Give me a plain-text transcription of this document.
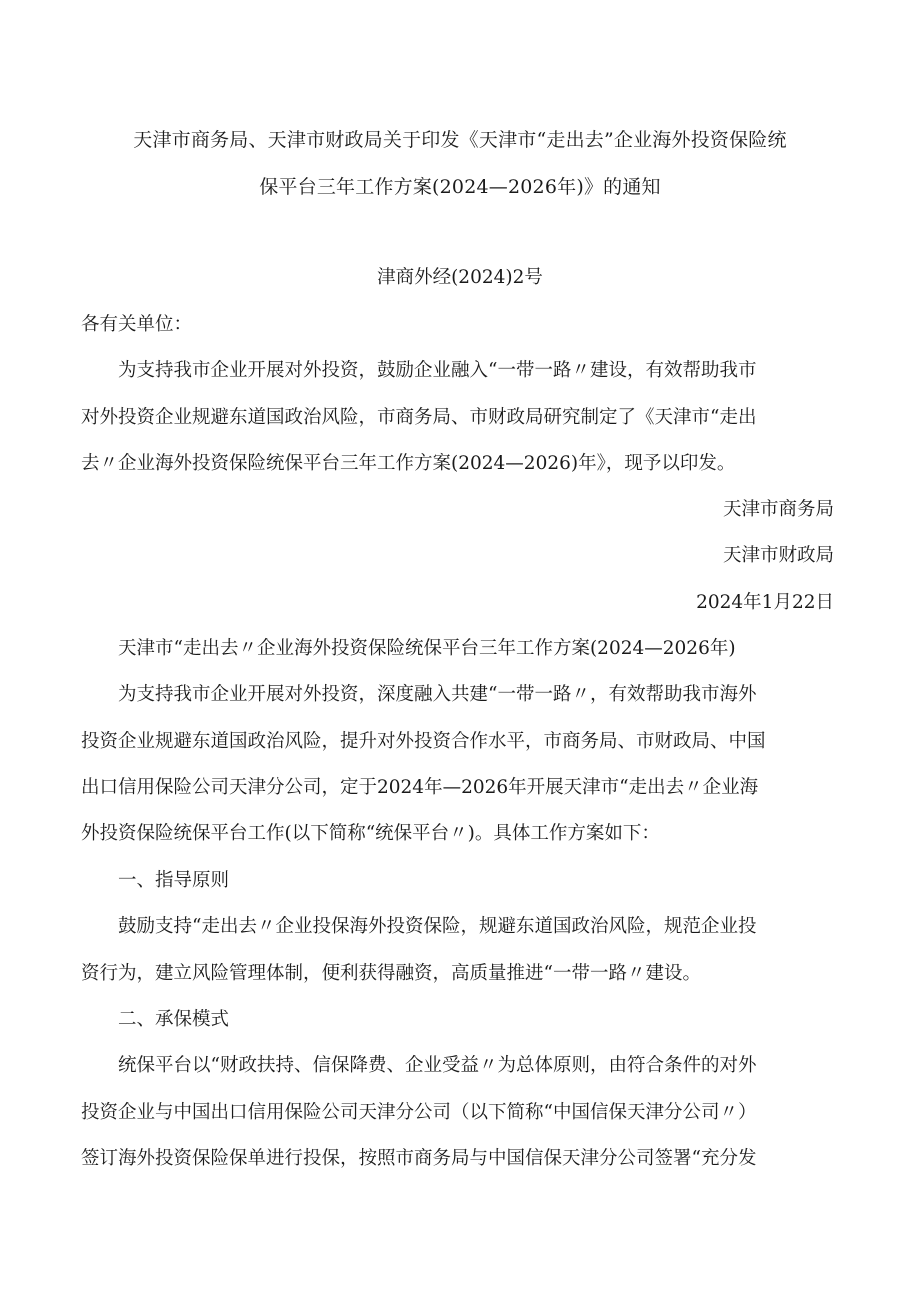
天津市商务局、天津市财政局关于印发《天津市“走出去”企业海外投资保险统

保平台三年工作方案(2024—2026年)》的通知

津商外经(2024)2号

各有关单位：

为支持我市企业开展对外投资，鼓励企业融入“一带一路〃建设，有效帮助我市

对外投资企业规避东道国政治风险，市商务局、市财政局研究制定了《天津市“走出

去〃企业海外投资保险统保平台三年工作方案(2024—2026)年》，现予以印发。

天津市商务局

天津市财政局

2024年1月22日

天津市“走出去〃企业海外投资保险统保平台三年工作方案(2024—2026年)

为支持我市企业开展对外投资，深度融入共建“一带一路〃，有效帮助我市海外

投资企业规避东道国政治风险，提升对外投资合作水平，市商务局、市财政局、中国

出口信用保险公司天津分公司，定于2024年—2026年开展天津市“走出去〃企业海

外投资保险统保平台工作(以下简称“统保平台〃)。具体工作方案如下：

一、指导原则

鼓励支持“走出去〃企业投保海外投资保险，规避东道国政治风险，规范企业投

资行为，建立风险管理体制，便利获得融资，高质量推进“一带一路〃建设。

二、承保模式

统保平台以“财政扶持、信保降费、企业受益〃为总体原则，由符合条件的对外

投资企业与中国出口信用保险公司天津分公司（以下简称“中国信保天津分公司〃）

签订海外投资保险保单进行投保，按照市商务局与中国信保天津分公司签署“充分发
